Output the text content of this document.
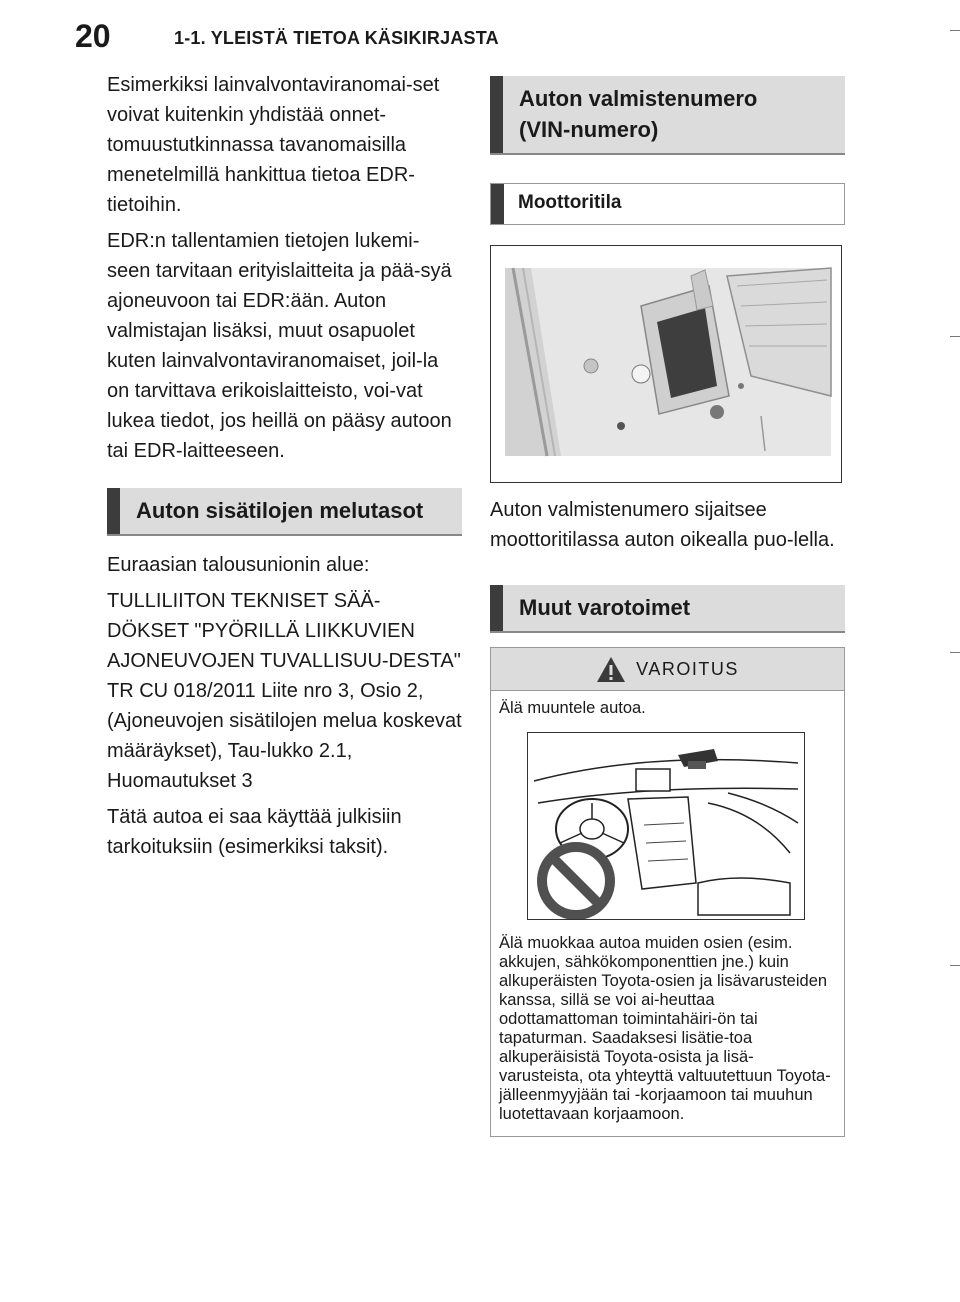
20	1-1. YLEISTÄ TIETOA KÄSIKIRJASTA

Esimerkiksi lainvalvontaviranomai-set voivat kuitenkin yhdistää onnet-tomuustutkinnassa tavanomaisilla menetelmillä hankittua tietoa EDR-tietoihin.

EDR:n tallentamien tietojen lukemi-seen tarvitaan erityislaitteita ja pää-syä ajoneuvoon tai EDR:ään. Auton valmistajan lisäksi, muut osapuolet kuten lainvalvontaviranomaiset, joil-la on tarvittava erikoislaitteisto, voi-vat lukea tiedot, jos heillä on pääsy autoon tai EDR-laitteeseen.

Auton sisätilojen melutasot

Euraasian talousunionin alue:

TULLILIITON TEKNISET SÄÄ-DÖKSET "PYÖRILLÄ LIIKKUVIEN AJONEUVOJEN TUVALLISUU-DESTA" TR CU 018/2011 Liite nro 3, Osio 2, (Ajoneuvojen sisätilojen melua koskevat määräykset), Tau-lukko 2.1, Huomautukset 3

Tätä autoa ei saa käyttää julkisiin tarkoituksiin (esimerkiksi taksit).

Auton valmistenumero
(VIN-numero)
Moottoritila

Auton valmistenumero sijaitsee moottoritilassa auton oikealla puo-lella.

Muut varotoimet
VAROITUS

Älä muuntele autoa.

Älä muokkaa autoa muiden osien (esim. akkujen, sähkökomponenttien jne.) kuin alkuperäisten Toyota-osien ja lisävarusteiden kanssa, sillä se voi ai-heuttaa odottamattoman toimintahäiri-ön tai tapaturman. Saadaksesi lisätie-toa alkuperäisistä Toyota-osista ja lisä-varusteista, ota yhteyttä valtuutettuun Toyota-jälleenmyyjään tai -korjaamoon tai muuhun luotettavaan korjaamoon.
